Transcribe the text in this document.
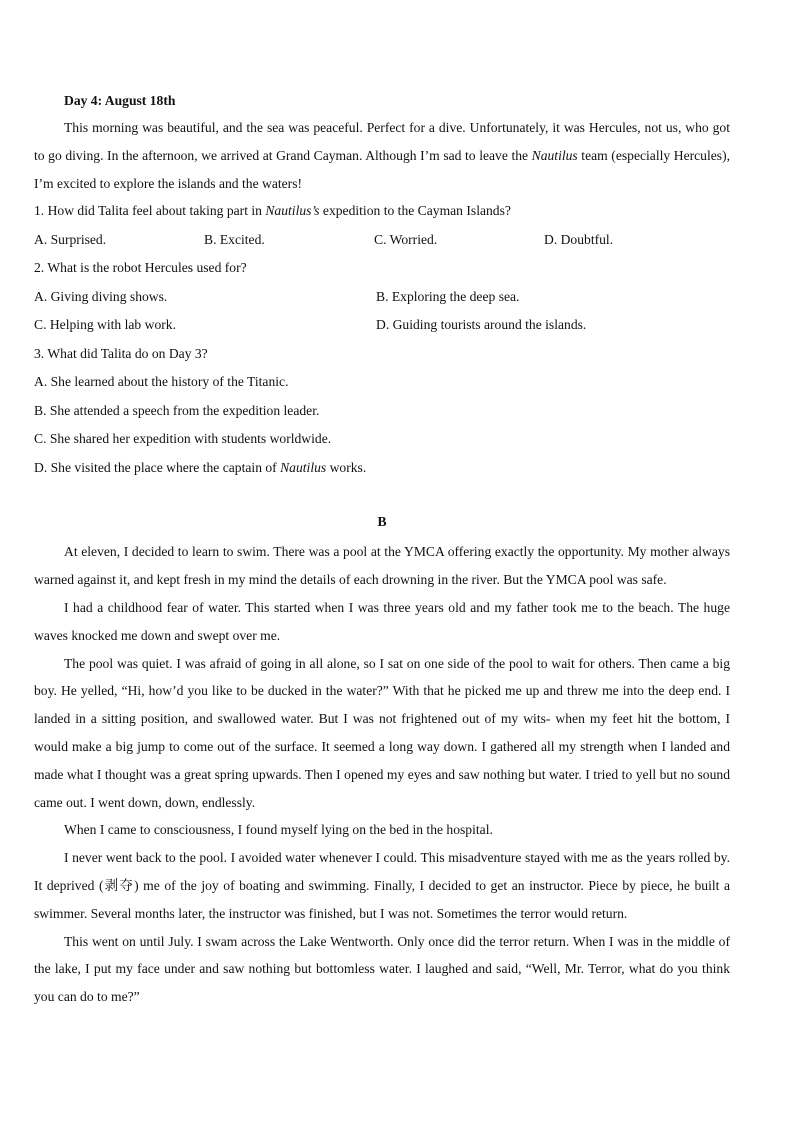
Day 4: August 18th

This morning was beautiful, and the sea was peaceful. Perfect for a dive. Unfortunately, it was Hercules, not us, who got to go diving. In the afternoon, we arrived at Grand Cayman. Although I’m sad to leave the Nautilus team (especially Hercules), I’m excited to explore the islands and the waters!

1. How did Talita feel about taking part in Nautilus’s expedition to the Cayman Islands?
A. Surprised.	B. Excited.	C. Worried.	D. Doubtful.
2. What is the robot Hercules used for?
A. Giving diving shows.	B. Exploring the deep sea.
C. Helping with lab work.	D. Guiding tourists around the islands.
3. What did Talita do on Day 3?
A. She learned about the history of the Titanic.
B. She attended a speech from the expedition leader.
C. She shared her expedition with students worldwide.
D. She visited the place where the captain of Nautilus works.
B

At eleven, I decided to learn to swim. There was a pool at the YMCA offering exactly the opportunity. My mother always warned against it, and kept fresh in my mind the details of each drowning in the river. But the YMCA pool was safe.

I had a childhood fear of water. This started when I was three years old and my father took me to the beach. The huge waves knocked me down and swept over me.

The pool was quiet. I was afraid of going in all alone, so I sat on one side of the pool to wait for others. Then came a big boy. He yelled, “Hi, how’d you like to be ducked in the water?” With that he picked me up and threw me into the deep end. I landed in a sitting position, and swallowed water. But I was not frightened out of my wits- when my feet hit the bottom, I would make a big jump to come out of the surface. It seemed a long way down. I gathered all my strength when I landed and made what I thought was a great spring upwards. Then I opened my eyes and saw nothing but water. I tried to yell but no sound came out. I went down, down, endlessly.

When I came to consciousness, I found myself lying on the bed in the hospital.

I never went back to the pool. I avoided water whenever I could. This misadventure stayed with me as the years rolled by. It deprived (剥夺) me of the joy of boating and swimming. Finally, I decided to get an instructor. Piece by piece, he built a swimmer. Several months later, the instructor was finished, but I was not. Sometimes the terror would return.

This went on until July. I swam across the Lake Wentworth. Only once did the terror return. When I was in the middle of the lake, I put my face under and saw nothing but bottomless water. I laughed and said, “Well, Mr. Terror, what do you think you can do to me?”
